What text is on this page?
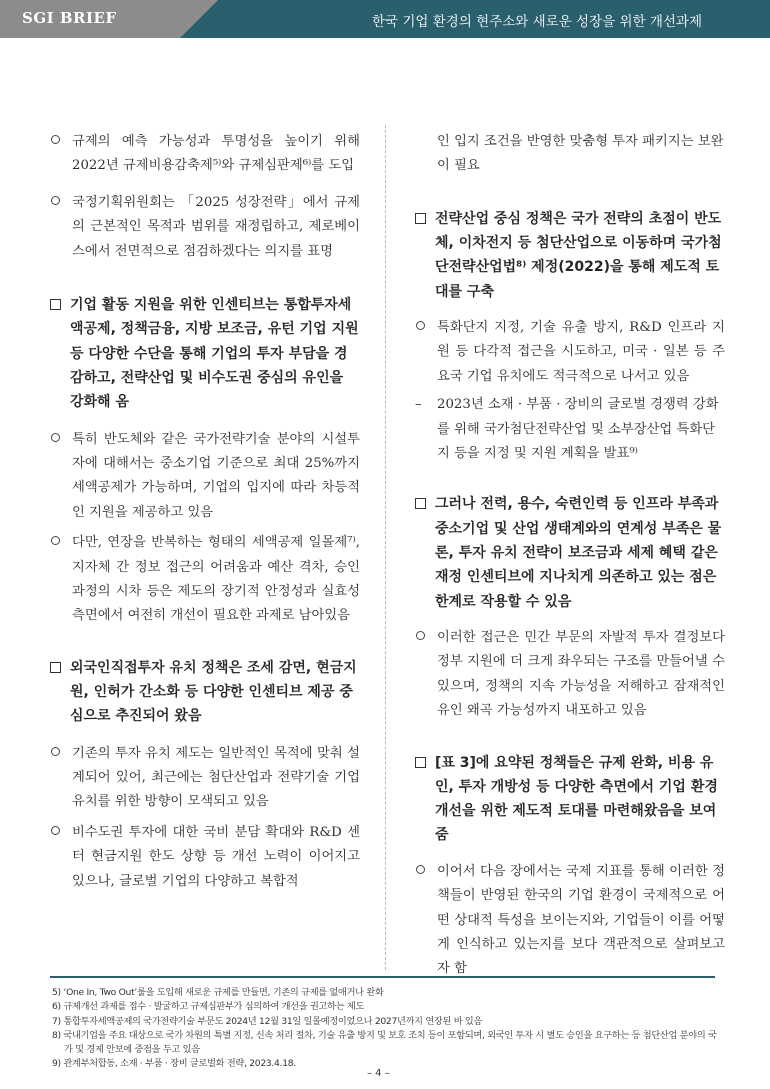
SGI BRIEF	한국 기업 환경의 현주소와 새로운 성장을 위한 개선과제

규제의 예측 가능성과 투명성을 높이기 위해 2022년 규제비용감축제⁵⁾와 규제심판제⁶⁾를 도입

국정기획위원회는 「2025 성장전략」에서 규제의 근본적인 목적과 범위를 재정립하고, 제로베이스에서 전면적으로 점검하겠다는 의지를 표명

기업 활동 지원을 위한 인센티브는 통합투자세액공제, 정책금융, 지방 보조금, 유턴 기업 지원 등 다양한 수단을 통해 기업의 투자 부담을 경감하고, 전략산업 및 비수도권 중심의 유인을 강화해 옴

특히 반도체와 같은 국가전략기술 분야의 시설투자에 대해서는 중소기업 기준으로 최대 25%까지 세액공제가 가능하며, 기업의 입지에 따라 차등적인 지원을 제공하고 있음

다만, 연장을 반복하는 형태의 세액공제 일몰제⁷⁾, 지자체 간 정보 접근의 어려움과 예산 격차, 승인 과정의 시차 등은 제도의 장기적 안정성과 실효성 측면에서 여전히 개선이 필요한 과제로 남아있음

외국인직접투자 유치 정책은 조세 감면, 현금지원, 인허가 간소화 등 다양한 인센티브 제공 중심으로 추진되어 왔음

기존의 투자 유치 제도는 일반적인 목적에 맞춰 설계되어 있어, 최근에는 첨단산업과 전략기술 기업 유치를 위한 방향이 모색되고 있음

비수도권 투자에 대한 국비 분담 확대와 R&D 센터 현금지원 한도 상향 등 개선 노력이 이어지고 있으나, 글로벌 기업의 다양하고 복합적

인 입지 조건을 반영한 맞춤형 투자 패키지는 보완이 필요

전략산업 중심 정책은 국가 전략의 초점이 반도체, 이차전지 등 첨단산업으로 이동하며 국가첨단전략산업법⁸⁾ 제정(2022)을 통해 제도적 토대를 구축

특화단지 지정, 기술 유출 방지, R&D 인프라 지원 등 다각적 접근을 시도하고, 미국 · 일본 등 주요국 기업 유치에도 적극적으로 나서고 있음

– 2023년 소재 · 부품 · 장비의 글로벌 경쟁력 강화를 위해 국가첨단전략산업 및 소부장산업 특화단지 등을 지정 및 지원 계획을 발표⁹⁾

그러나 전력, 용수, 숙련인력 등 인프라 부족과 중소기업 및 산업 생태계와의 연계성 부족은 물론, 투자 유치 전략이 보조금과 세제 혜택 같은 재정 인센티브에 지나치게 의존하고 있는 점은 한계로 작용할 수 있음

이러한 접근은 민간 부문의 자발적 투자 결정보다 정부 지원에 더 크게 좌우되는 구조를 만들어낼 수 있으며, 정책의 지속 가능성을 저해하고 잠재적인 유인 왜곡 가능성까지 내포하고 있음

[표 3]에 요약된 정책들은 규제 완화, 비용 유인, 투자 개방성 등 다양한 측면에서 기업 환경 개선을 위한 제도적 토대를 마련해왔음을 보여줌

이어서 다음 장에서는 국제 지표를 통해 이러한 정책들이 반영된 한국의 기업 환경이 국제적으로 어떤 상대적 특성을 보이는지와, 기업들이 이를 어떻게 인식하고 있는지를 보다 객관적으로 살펴보고자 함

5) ‘One In, Two Out’룰을 도입해 새로운 규제를 만들면, 기존의 규제를 없애거나 완화
6) 규제개선 과제를 접수 · 발굴하고 규제심판부가 심의하여 개선을 권고하는 제도
7) 통합투자세액공제의 국가전략기술 부문도 2024년 12월 31일 일몰예정이었으나 2027년까지 연장된 바 있음
8) 국내기업을 주요 대상으로 국가 차원의 특별 지정, 신속 처리 절차, 기술 유출 방지 및 보호 조치 등이 포함되며, 외국인 투자 시 별도 승인을 요구하는 등 첨단산업 분야의 국가 및 경제 안보에 중점을 두고 있음
9) 관계부처합동, 소재 · 부품 · 장비 글로벌화 전략, 2023.4.18.
– 4 –
